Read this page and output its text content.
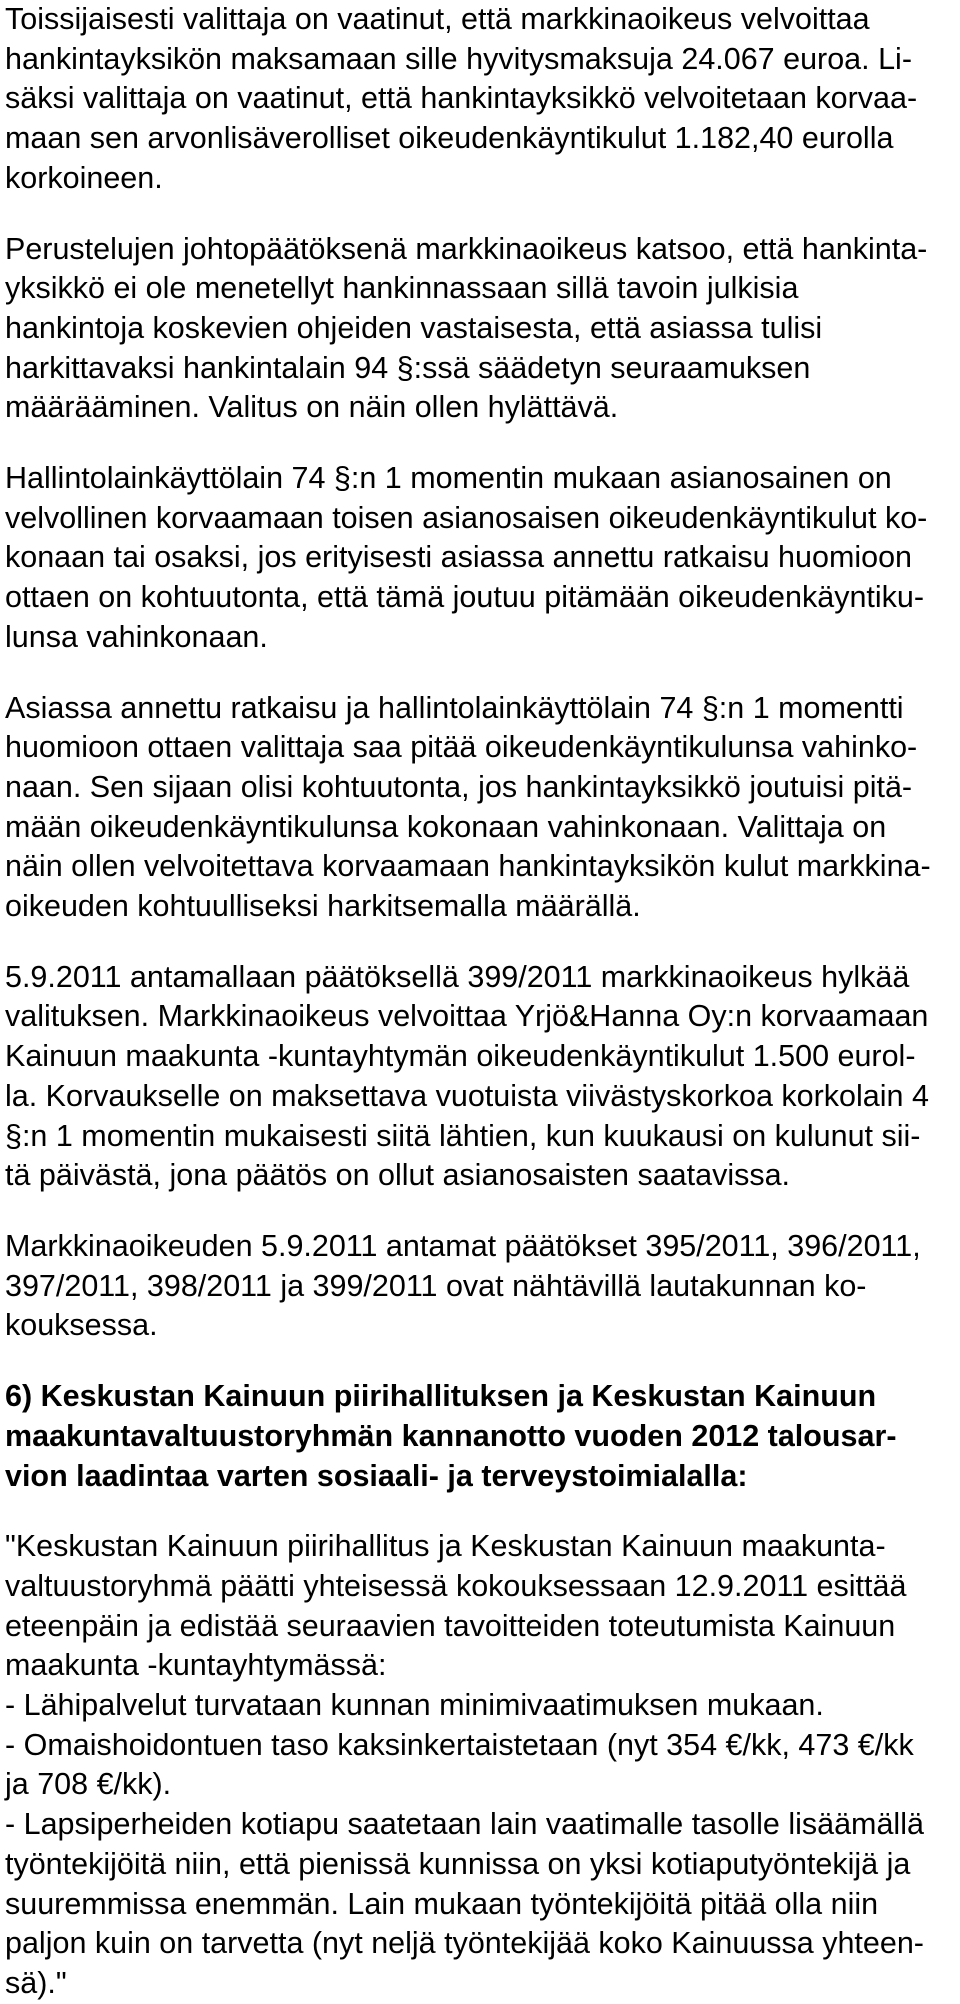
Toissijaisesti valittaja on vaatinut, että markkinaoikeus velvoittaa
hankintayksikön maksamaan sille hyvitysmaksuja 24.067 euroa. Li-
säksi valittaja on vaatinut, että hankintayksikkö velvoitetaan korvaa-
maan sen arvonlisäverolliset oikeudenkäyntikulut 1.182,40 eurolla
korkoineen.
Perustelujen johtopäätöksenä markkinaoikeus katsoo, että hankinta-
yksikkö ei ole menetellyt hankinnassaan sillä tavoin julkisia
hankintoja koskevien ohjeiden vastaisesta, että asiassa tulisi
harkittavaksi hankintalain 94 §:ssä säädetyn seuraamuksen
määrääminen. Valitus on näin ollen hylättävä.
Hallintolainkäyttölain 74 §:n 1 momentin mukaan asianosainen on
velvollinen korvaamaan toisen asianosaisen oikeudenkäyntikulut ko-
konaan tai osaksi, jos erityisesti asiassa annettu ratkaisu huomioon
ottaen on kohtuutonta, että tämä joutuu pitämään oikeudenkäyntiku-
lunsa vahinkonaan.
Asiassa annettu ratkaisu ja hallintolainkäyttölain 74 §:n 1 momentti
huomioon ottaen valittaja saa pitää oikeudenkäyntikulunsa vahinko-
naan. Sen sijaan olisi kohtuutonta, jos hankintayksikkö joutuisi pitä-
mään oikeudenkäyntikulunsa kokonaan vahinkonaan. Valittaja on
näin ollen velvoitettava korvaamaan hankintayksikön kulut markkina-
oikeuden kohtuulliseksi harkitsemalla määrällä.
5.9.2011 antamallaan päätöksellä 399/2011 markkinaoikeus hylkää
valituksen. Markkinaoikeus velvoittaa Yrjö&Hanna Oy:n korvaamaan
Kainuun maakunta -kuntayhtymän oikeudenkäyntikulut 1.500 eurol-
la. Korvaukselle on maksettava vuotuista viivästyskorkoa korkolain 4
§:n 1 momentin mukaisesti siitä lähtien, kun kuukausi on kulunut sii-
tä päivästä, jona päätös on ollut asianosaisten saatavissa.
Markkinaoikeuden 5.9.2011 antamat päätökset 395/2011, 396/2011,
397/2011, 398/2011 ja 399/2011 ovat nähtävillä lautakunnan ko-
kouksessa.
6) Keskustan Kainuun piirihallituksen ja Keskustan Kainuun
maakuntavaltuustoryhmän kannanotto vuoden 2012 talousar-
vion laadintaa varten sosiaali- ja terveystoimialalla:
"Keskustan Kainuun piirihallitus ja Keskustan Kainuun maakunta-
valtuustoryhmä päätti yhteisessä kokouksessaan 12.9.2011 esittää
eteenpäin ja edistää seuraavien tavoitteiden toteutumista Kainuun
maakunta -kuntayhtymässä:
- Lähipalvelut turvataan kunnan minimivaatimuksen mukaan.
- Omaishoidontuen taso kaksinkertaistetaan (nyt 354 €/kk, 473 €/kk
ja 708 €/kk).
- Lapsiperheiden kotiapu saatetaan lain vaatimalle tasolle lisäämällä
työntekijöitä niin, että pienissä kunnissa on yksi kotiaputyöntekijä ja
suuremmissa enemmän. Lain mukaan työntekijöitä pitää olla niin
paljon kuin on tarvetta (nyt neljä työntekijää koko Kainuussa yhteen-
sä)."
